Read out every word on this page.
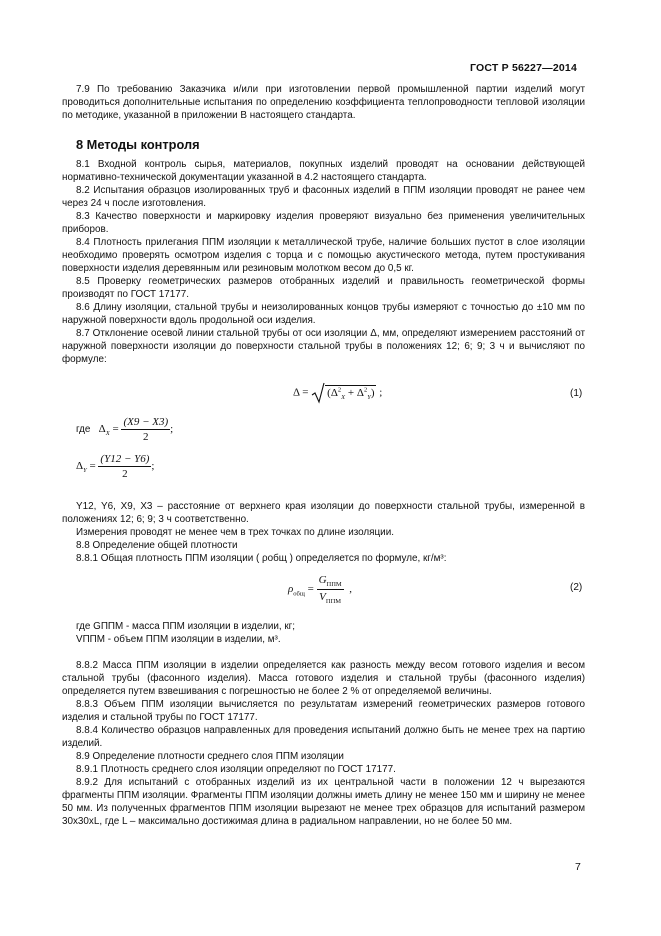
ГОСТ Р 56227—2014
7.9 По требованию Заказчика и/или при изготовлении первой промышленной партии изделий могут проводиться дополнительные испытания по определению коэффициента теплопроводности тепловой изоляции по методике, указанной в приложении В настоящего стандарта.
8 Методы контроля
8.1 Входной контроль сырья, материалов, покупных изделий проводят на основании действующей нормативно-технической документации указанной в 4.2 настоящего стандарта.
8.2 Испытания образцов изолированных труб и фасонных изделий в ППМ изоляции проводят не ранее чем через 24 ч после изготовления.
8.3 Качество поверхности и маркировку изделия проверяют визуально без применения увеличительных приборов.
8.4 Плотность прилегания ППМ изоляции к металлической трубе, наличие больших пустот в слое изоляции необходимо проверять осмотром изделия с торца и с помощью акустического метода, путем простукивания поверхности изделия деревянным или резиновым молотком весом до 0,5 кг.
8.5 Проверку геометрических размеров отобранных изделий и правильность геометрической формы производят по ГОСТ 17177.
8.6 Длину изоляции, стальной трубы и неизолированных концов трубы измеряют с точностью до ±10 мм по наружной поверхности вдоль продольной оси изделия.
8.7 Отклонение осевой линии стальной трубы от оси изоляции Δ, мм, определяют измерением расстояний от наружной поверхности изоляции до поверхности стальной трубы в положениях 12; 6; 9; 3 ч и вычисляют по формуле:
$\Delta = (\Delta^2_X + \Delta^2_Y)$ ;	(1)
где $\Delta_X = \frac{(X9 - X3)}{2}$ ;
$\Delta_Y = \frac{(Y12 - Y6)}{2}$ ;
Y12, Y6, X9, X3 – расстояние от верхнего края изоляции до поверхности стальной трубы, измеренной в положениях 12; 6; 9; 3 ч соответственно.
Измерения проводят не менее чем в трех точках по длине изоляции.
8.8 Определение общей плотности
8.8.1 Общая плотность ППМ изоляции ( ρобщ ) определяется по формуле, кг/м³:
$\rho_{общ} = \frac{G_{ППМ}}{V_{ППМ}}$ ,	(2)
где GППМ - масса ППМ изоляции в изделии, кг;
VППМ - объем ППМ изоляции в изделии, м³.
8.8.2 Масса ППМ изоляции в изделии определяется как разность между весом готового изделия и весом стальной трубы (фасонного изделия). Масса готового изделия и стальной трубы (фасонного изделия) определяется путем взвешивания с погрешностью не более 2 % от определяемой величины.
8.8.3 Объем ППМ изоляции вычисляется по результатам измерений геометрических размеров готового изделия и стальной трубы по ГОСТ 17177.
8.8.4 Количество образцов направленных для проведения испытаний должно быть не менее трех на партию изделий.
8.9 Определение плотности среднего слоя ППМ изоляции
8.9.1 Плотность среднего слоя изоляции определяют по ГОСТ 17177.
8.9.2 Для испытаний с отобранных изделий из их центральной части в положении 12 ч вырезаются фрагменты ППМ изоляции. Фрагменты ППМ изоляции должны иметь длину не менее 150 мм и ширину не менее 50 мм. Из полученных фрагментов ППМ изоляции вырезают не менее трех образцов для испытаний размером 30х30хL, где L – максимально достижимая длина в радиальном направлении, но не более 50 мм.
7
